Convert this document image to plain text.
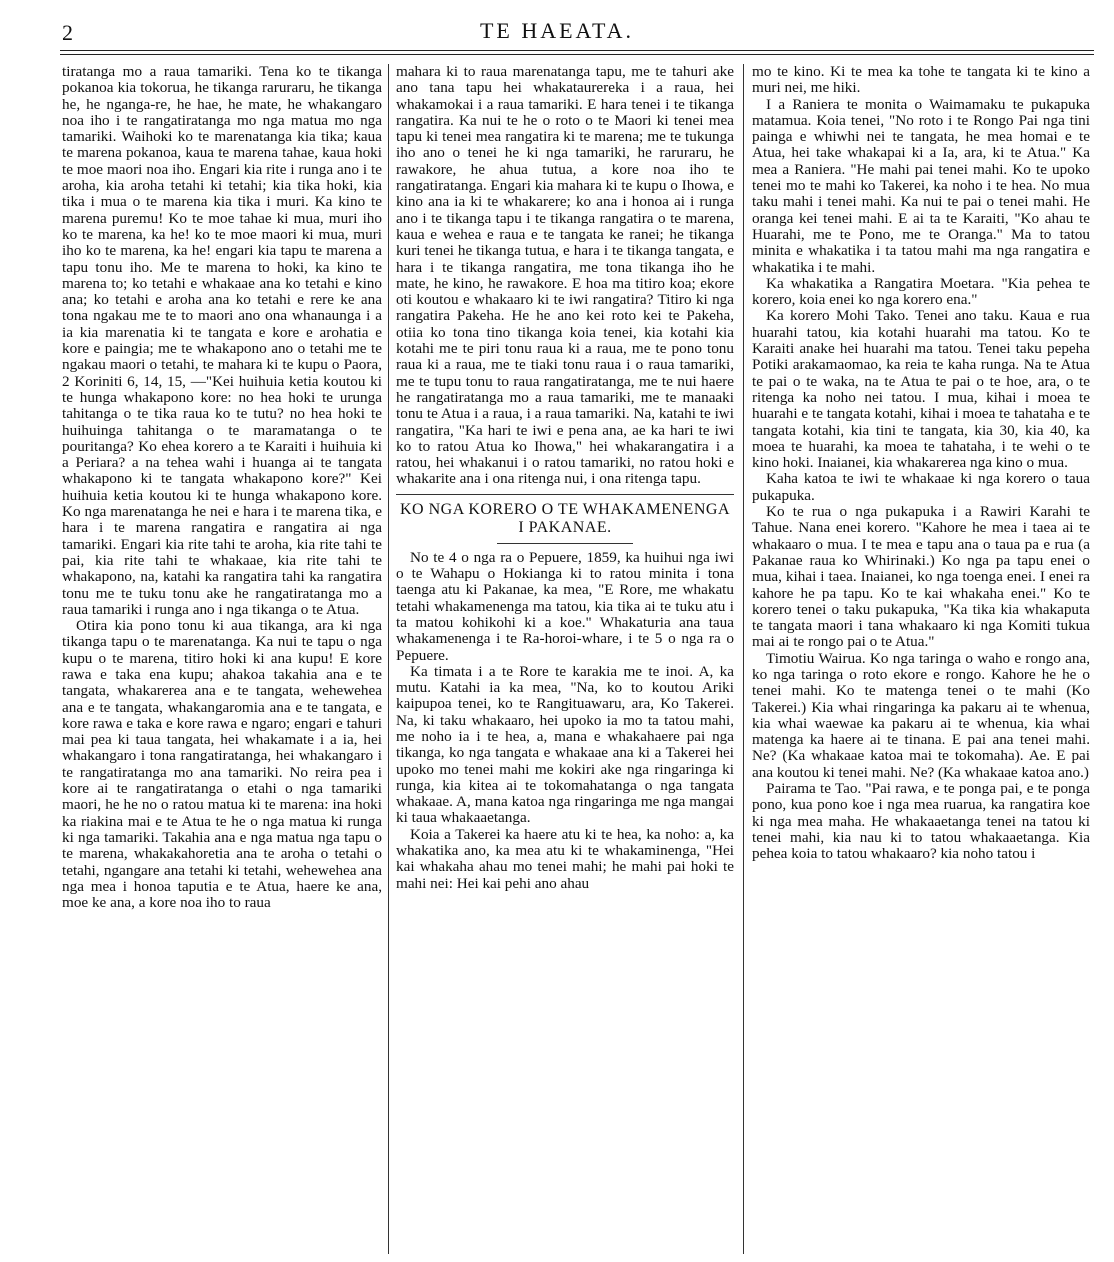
2	TE HAEATA.

tiratanga mo a raua tamariki. Tena ko te tikanga pokanoa kia tokorua, he tikanga raruraru, he tikanga he, he nganga-re, he hae, he mate, he whakangaro noa iho i te rangatiratanga mo nga matua mo nga tamariki. Waihoki ko te marenatanga kia tika; kaua te marena pokanoa, kaua te marena tahae, kaua hoki te moe maori noa iho. Engari kia rite i runga ano i te aroha, kia aroha tetahi ki tetahi; kia tika hoki, kia tika i mua o te marena kia tika i muri. Ka kino te marena puremu! Ko te moe tahae ki mua, muri iho ko te marena, ka he! ko te moe maori ki mua, muri iho ko te marena, ka he! engari kia tapu te marena a tapu tonu iho. Me te marena to hoki, ka kino te marena to; ko tetahi e whakaae ana ko tetahi e kino ana; ko tetahi e aroha ana ko tetahi e rere ke ana tona ngakau me te to maori ano ona whanaunga i a ia kia marenatia ki te tangata e kore e arohatia e kore e paingia; me te whakapono ano o tetahi me te ngakau maori o tetahi, te mahara ki te kupu o Paora, 2 Koriniti 6, 14, 15, —"Kei huihuia ketia koutou ki te hunga whakapono kore: no hea hoki te urunga tahitanga o te tika raua ko te tutu? no hea hoki te huihuinga tahitanga o te maramatanga o te pouritanga? Ko ehea korero a te Karaiti i huihuia ki a Periara? a na tehea wahi i huanga ai te tangata whakapono ki te tangata whakapono kore?" Kei huihuia ketia koutou ki te hunga whakapono kore. Ko nga marenatanga he nei e hara i te marena tika, e hara i te marena rangatira e rangatira ai nga tamariki. Engari kia rite tahi te aroha, kia rite tahi te pai, kia rite tahi te whakaae, kia rite tahi te whakapono, na, katahi ka rangatira tahi ka rangatira tonu me te tuku tonu ake he rangatiratanga mo a raua tamariki i runga ano i nga tikanga o te Atua.

Otira kia pono tonu ki aua tikanga, ara ki nga tikanga tapu o te marenatanga. Ka nui te tapu o nga kupu o te marena, titiro hoki ki ana kupu! E kore rawa e taka ena kupu; ahakoa takahia ana e te tangata, whakarerea ana e te tangata, wehewehea ana e te tangata, whakangaromia ana e te tangata, e kore rawa e taka e kore rawa e ngaro; engari e tahuri mai pea ki taua tangata, hei whakamate i a ia, hei whakangaro i tona rangatiratanga, hei whakangaro i te rangatiratanga mo ana tamariki. No reira pea i kore ai te rangatiratanga o etahi o nga tamariki maori, he he no o ratou matua ki te marena: ina hoki ka riakina mai e te Atua te he o nga matua ki runga ki nga tamariki. Takahia ana e nga matua nga tapu o te marena, whakakahoretia ana te aroha o tetahi o tetahi, ngangare ana tetahi ki tetahi, wehewehea ana nga mea i honoa taputia e te Atua, haere ke ana, moe ke ana, a kore noa iho to raua

mahara ki to raua marenatanga tapu, me te tahuri ake ano tana tapu hei whakataurereka i a raua, hei whakamokai i a raua tamariki. E hara tenei i te tikanga rangatira. Ka nui te he o roto o te Maori ki tenei mea tapu ki tenei mea rangatira ki te marena; me te tukunga iho ano o tenei he ki nga tamariki, he raruraru, he rawakore, he ahua tutua, a kore noa iho te rangatiratanga. Engari kia mahara ki te kupu o Ihowa, e kino ana ia ki te whakarere; ko ana i honoa ai i runga ano i te tikanga tapu i te tikanga rangatira o te marena, kaua e wehea e raua e te tangata ke ranei; he tikanga kuri tenei he tikanga tutua, e hara i te tikanga tangata, e hara i te tikanga rangatira, me tona tikanga iho he mate, he kino, he rawakore. E hoa ma titiro koa; ekore oti koutou e whakaaro ki te iwi rangatira? Titiro ki nga rangatira Pakeha. He he ano kei roto kei te Pakeha, otiia ko tona tino tikanga koia tenei, kia kotahi kia kotahi me te piri tonu raua ki a raua, me te pono tonu raua ki a raua, me te tiaki tonu raua i o raua tamariki, me te tupu tonu to raua rangatiratanga, me te nui haere he rangatiratanga mo a raua tamariki, me te manaaki tonu te Atua i a raua, i a raua tamariki. Na, katahi te iwi rangatira, "Ka hari te iwi e pena ana, ae ka hari te iwi ko to ratou Atua ko Ihowa," hei whakarangatira i a ratou, hei whakanui i o ratou tamariki, no ratou hoki e whakarite ana i ona ritenga nui, i ona ritenga tapu.

KO NGA KORERO O TE WHAKAMENENGA I PAKANAE.

No te 4 o nga ra o Pepuere, 1859, ka huihui nga iwi o te Wahapu o Hokianga ki to ratou minita i tona taenga atu ki Pakanae, ka mea, "E Rore, me whakatu tetahi whakamenenga ma tatou, kia tika ai te tuku atu i ta matou kohikohi ki a koe." Whakaturia ana taua whakamenenga i te Ra-horoi-whare, i te 5 o nga ra o Pepuere.

Ka timata i a te Rore te karakia me te inoi. A, ka mutu. Katahi ia ka mea, "Na, ko to koutou Ariki kaipupoa tenei, ko te Rangituawaru, ara, Ko Takerei. Na, ki taku whakaaro, hei upoko ia mo ta tatou mahi, me noho ia i te hea, a, mana e whakahaere pai nga tikanga, ko nga tangata e whakaae ana ki a Takerei hei upoko mo tenei mahi me kokiri ake nga ringaringa ki runga, kia kitea ai te tokomahatanga o nga tangata whakaae. A, mana katoa nga ringaringa me nga mangai ki taua whakaaetanga.

Koia a Takerei ka haere atu ki te hea, ka noho: a, ka whakatika ano, ka mea atu ki te whakaminenga, "Hei kai whakaha ahau mo tenei mahi; he mahi pai hoki te mahi nei: Hei kai pehi ano ahau

mo te kino. Ki te mea ka tohe te tangata ki te kino a muri nei, me hiki.

I a Raniera te monita o Waimamaku te pukapuka matamua. Koia tenei, "No roto i te Rongo Pai nga tini painga e whiwhi nei te tangata, he mea homai e te Atua, hei take whakapai ki a Ia, ara, ki te Atua." Ka mea a Raniera. "He mahi pai tenei mahi. Ko te upoko tenei mo te mahi ko Takerei, ka noho i te hea. No mua taku mahi i tenei mahi. Ka nui te pai o tenei mahi. He oranga kei tenei mahi. E ai ta te Karaiti, "Ko ahau te Huarahi, me te Pono, me te Oranga." Ma to tatou minita e whakatika i ta tatou mahi ma nga rangatira e whakatika i te mahi.

Ka whakatika a Rangatira Moetara. "Kia pehea te korero, koia enei ko nga korero ena."

Ka korero Mohi Tako. Tenei ano taku. Kaua e rua huarahi tatou, kia kotahi huarahi ma tatou. Ko te Karaiti anake hei huarahi ma tatou. Tenei taku pepeha Potiki arakamaomao, ka reia te kaha runga. Na te Atua te pai o te waka, na te Atua te pai o te hoe, ara, o te ritenga ka noho nei tatou. I mua, kihai i moea te huarahi e te tangata kotahi, kihai i moea te tahataha e te tangata kotahi, kia tini te tangata, kia 30, kia 40, ka moea te huarahi, ka moea te tahataha, i te wehi o te kino hoki. Inaianei, kia whakarerea nga kino o mua.

Kaha katoa te iwi te whakaae ki nga korero o taua pukapuka.

Ko te rua o nga pukapuka i a Rawiri Karahi te Tahue. Nana enei korero. "Kahore he mea i taea ai te whakaaro o mua. I te mea e tapu ana o taua pa e rua (a Pakanae raua ko Whirinaki.) Ko nga pa tapu enei o mua, kihai i taea. Inaianei, ko nga toenga enei. I enei ra kahore he pa tapu. Ko te kai whakaha enei." Ko te korero tenei o taku pukapuka, "Ka tika kia whakaputa te tangata maori i tana whakaaro ki nga Komiti tukua mai ai te rongo pai o te Atua."

Timotiu Wairua. Ko nga taringa o waho e rongo ana, ko nga taringa o roto ekore e rongo. Kahore he he o tenei mahi. Ko te matenga tenei o te mahi (Ko Takerei.) Kia whai ringaringa ka pakaru ai te whenua, kia whai waewae ka pakaru ai te whenua, kia whai matenga ka haere ai te tinana. E pai ana tenei mahi. Ne? (Ka whakaae katoa mai te tokomaha). Ae. E pai ana koutou ki tenei mahi. Ne? (Ka whakaae katoa ano.)

Pairama te Tao. "Pai rawa, e te ponga pai, e te ponga pono, kua pono koe i nga mea ruarua, ka rangatira koe ki nga mea maha. He whakaaetanga tenei na tatou ki tenei mahi, kia nau ki to tatou whakaaetanga. Kia pehea koia to tatou whakaaro? kia noho tatou i
